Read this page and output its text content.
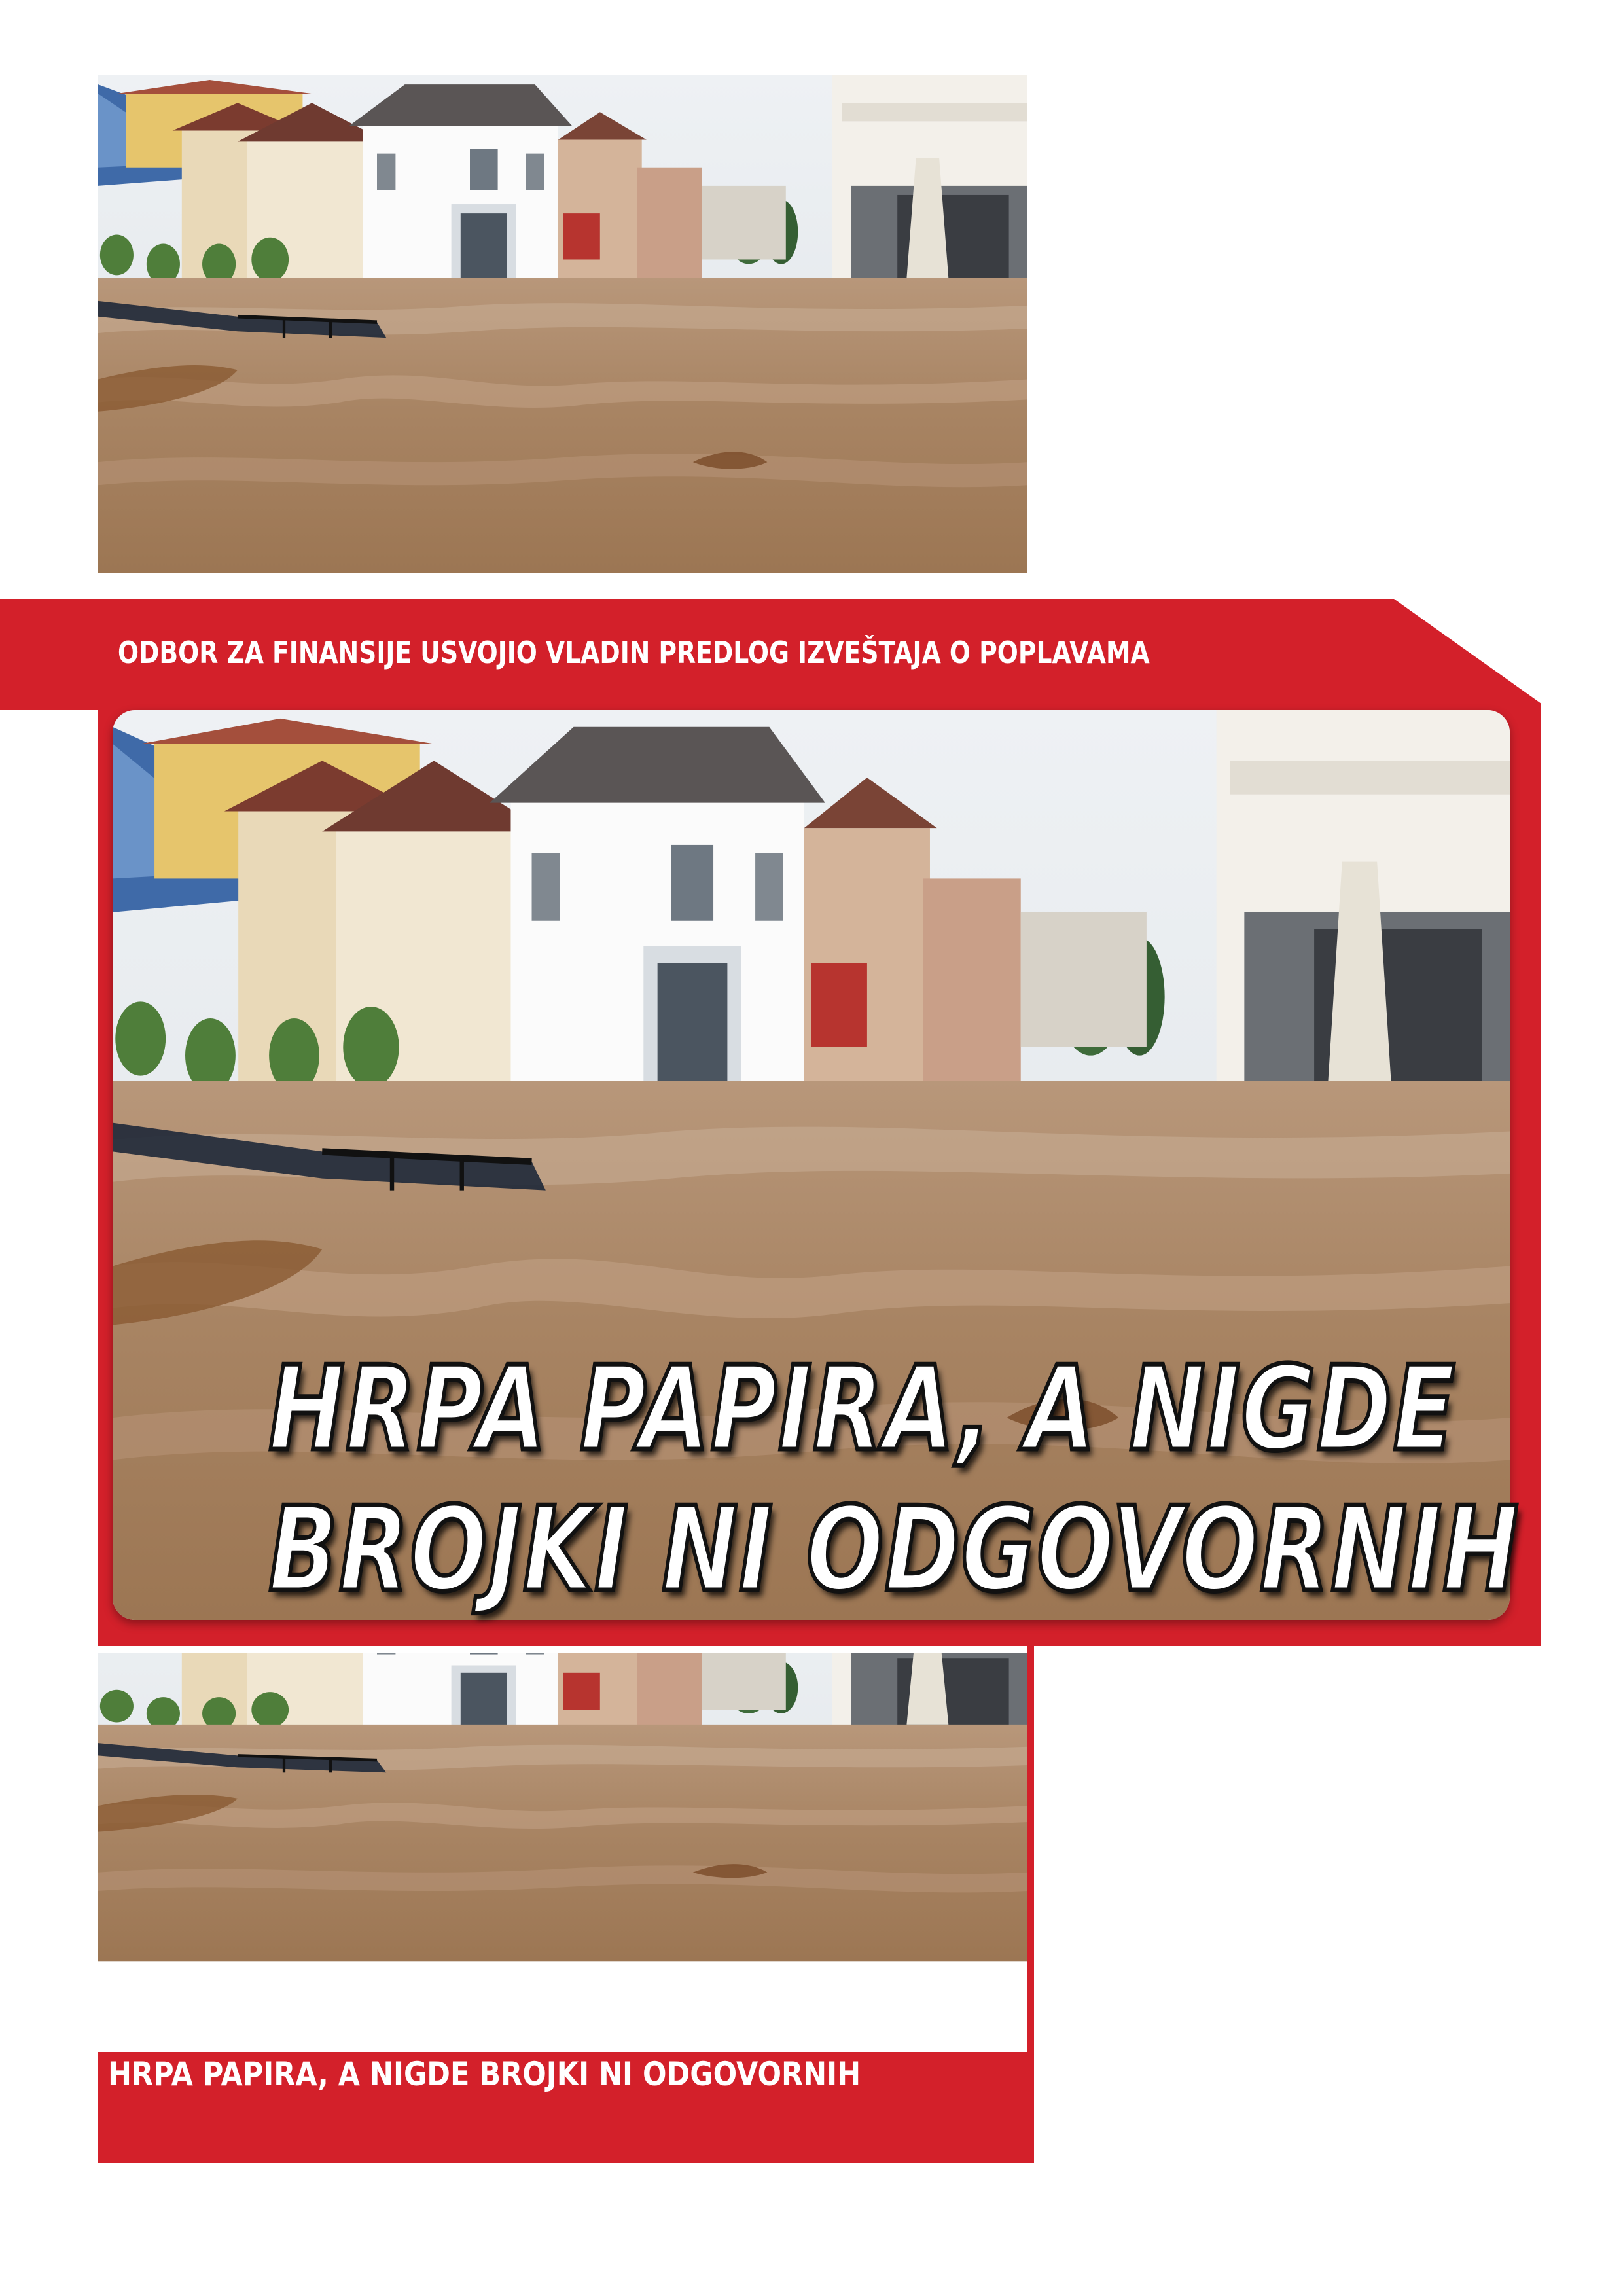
ODBOR ZA FINANSIJE USVOJIO VLADIN PREDLOG IZVEŠTAJA O POPLAVAMA
HRPA PAPIRA, A NIGDE
BROJKI NI ODGOVORNIH
HRPA PAPIRA, A NIGDE BROJKI NI ODGOVORNIH
